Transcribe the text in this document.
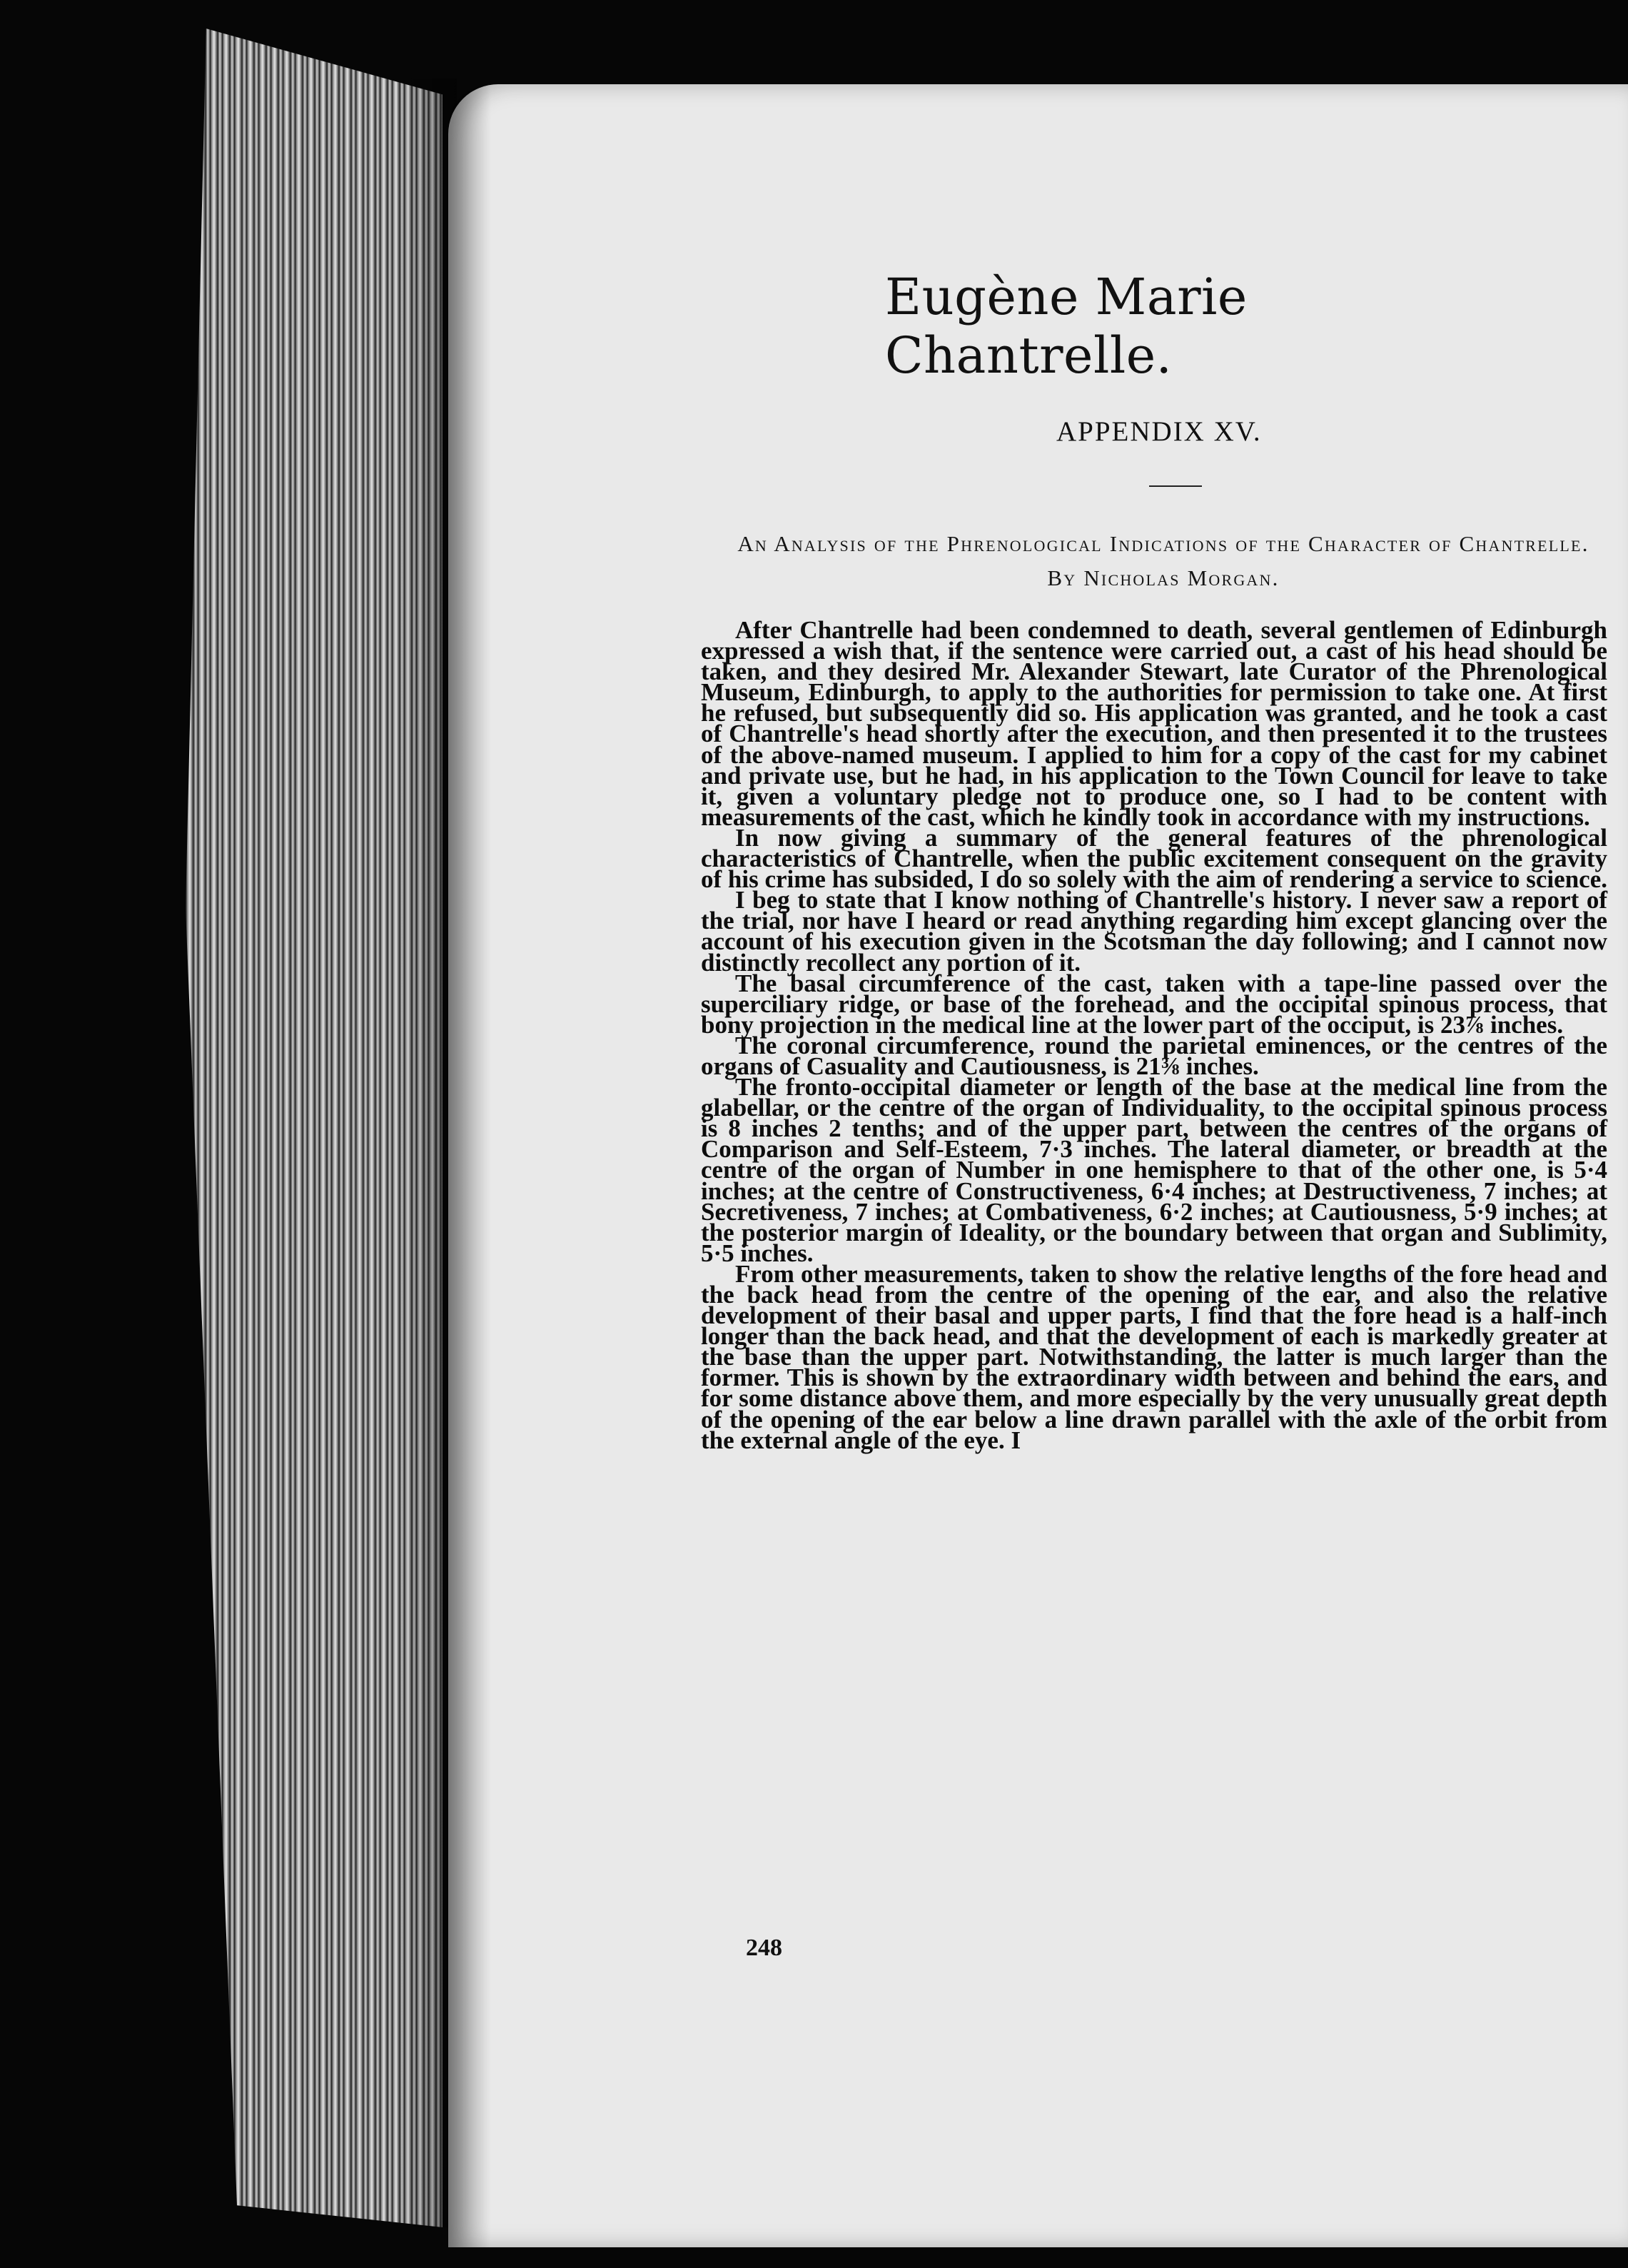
Eugène Marie Chantrelle.
APPENDIX XV.

An Analysis of the Phrenological Indications of the Character of Chantrelle. By Nicholas Morgan.

After Chantrelle had been condemned to death, several gentlemen of Edinburgh expressed a wish that, if the sentence were carried out, a cast of his head should be taken, and they desired Mr. Alexander Stewart, late Curator of the Phrenological Museum, Edinburgh, to apply to the authorities for permission to take one. At first he refused, but subsequently did so. His application was granted, and he took a cast of Chantrelle's head shortly after the execution, and then presented it to the trustees of the above-named museum. I applied to him for a copy of the cast for my cabinet and private use, but he had, in his application to the Town Council for leave to take it, given a voluntary pledge not to produce one, so I had to be content with measurements of the cast, which he kindly took in accordance with my instructions.

In now giving a summary of the general features of the phrenological characteristics of Chantrelle, when the public excitement consequent on the gravity of his crime has subsided, I do so solely with the aim of rendering a service to science.

I beg to state that I know nothing of Chantrelle's history. I never saw a report of the trial, nor have I heard or read anything regarding him except glancing over the account of his execution given in the Scotsman the day following; and I cannot now distinctly recollect any portion of it.

The basal circumference of the cast, taken with a tape-line passed over the superciliary ridge, or base of the forehead, and the occipital spinous process, that bony projection in the medical line at the lower part of the occiput, is 23⅞ inches.

The coronal circumference, round the parietal eminences, or the centres of the organs of Casuality and Cautiousness, is 21⅜ inches.

The fronto-occipital diameter or length of the base at the medical line from the glabellar, or the centre of the organ of Individuality, to the occipital spinous process is 8 inches 2 tenths; and of the upper part, between the centres of the organs of Comparison and Self-Esteem, 7·3 inches. The lateral diameter, or breadth at the centre of the organ of Number in one hemisphere to that of the other one, is 5·4 inches; at the centre of Constructiveness, 6·4 inches; at Destructiveness, 7 inches; at Secretiveness, 7 inches; at Combativeness, 6·2 inches; at Cautiousness, 5·9 inches; at the posterior margin of Ideality, or the boundary between that organ and Sublimity, 5·5 inches.

From other measurements, taken to show the relative lengths of the fore head and the back head from the centre of the opening of the ear, and also the relative development of their basal and upper parts, I find that the fore head is a half-inch longer than the back head, and that the development of each is markedly greater at the base than the upper part. Notwithstanding, the latter is much larger than the former. This is shown by the extraordinary width between and behind the ears, and for some distance above them, and more especially by the very unusually great depth of the opening of the ear below a line drawn parallel with the axle of the orbit from the external angle of the eye. I

248
